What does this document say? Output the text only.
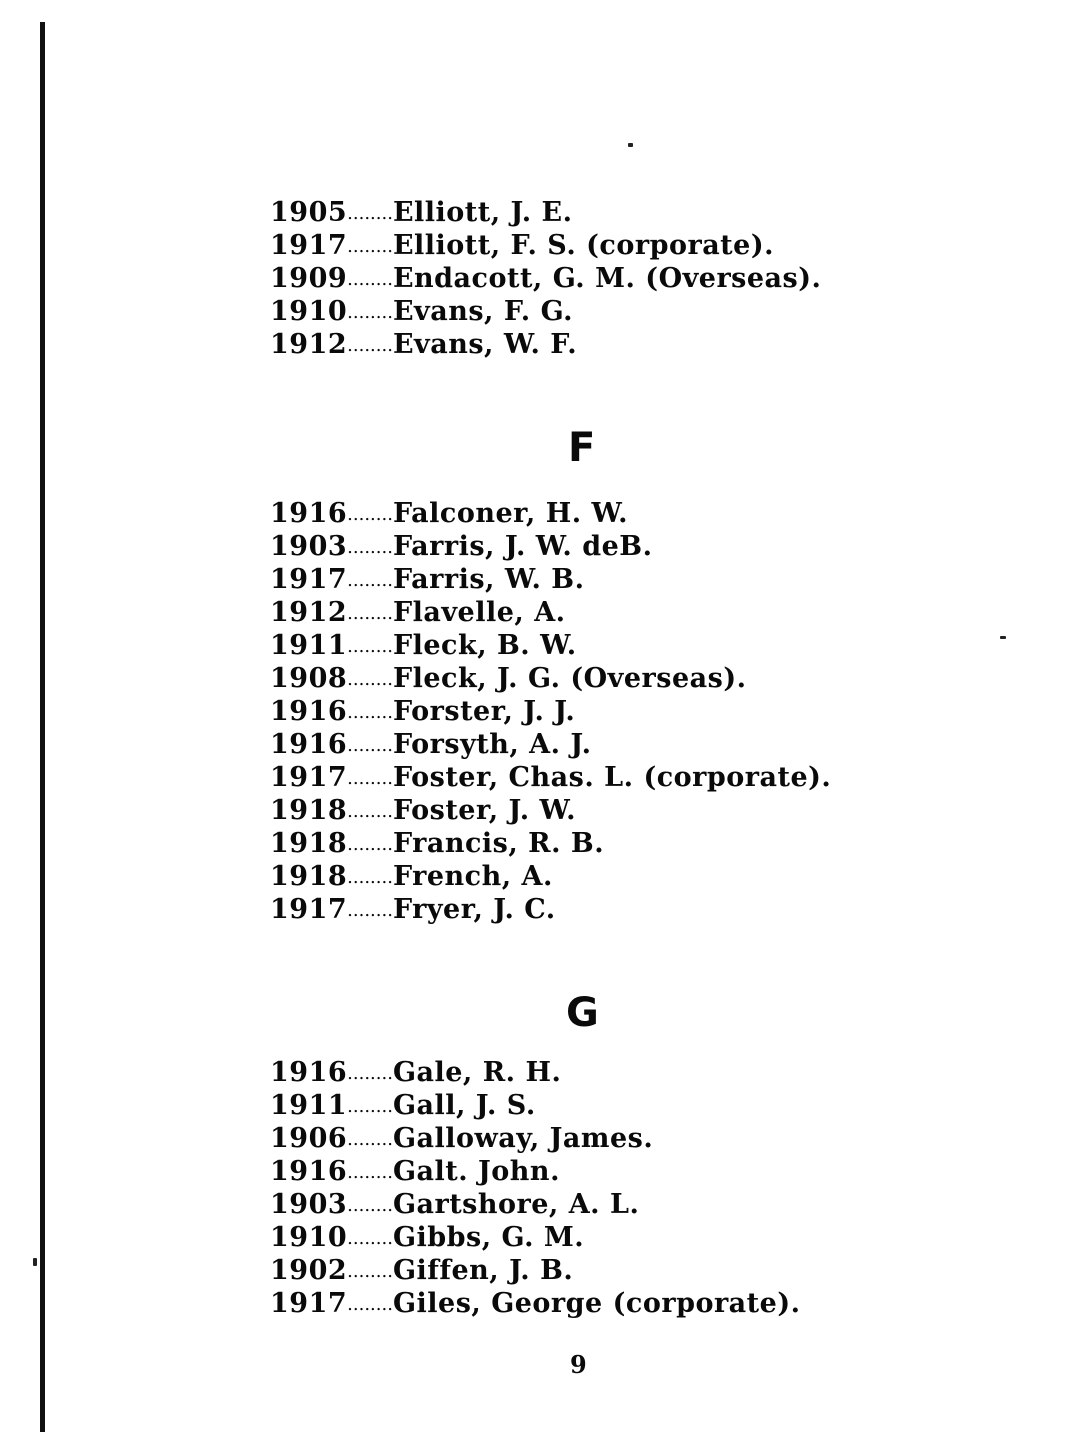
1905........Elliott, J. E.
1917........Elliott, F. S. (corporate).
1909........Endacott, G. M. (Overseas).
1910........Evans, F. G.
1912........Evans, W. F.
F
1916........Falconer, H. W.
1903........Farris, J. W. deB.
1917........Farris, W. B.
1912........Flavelle, A.
1911........Fleck, B. W.
1908........Fleck, J. G. (Overseas).
1916........Forster, J. J.
1916........Forsyth, A. J.
1917........Foster, Chas. L. (corporate).
1918........Foster, J. W.
1918........Francis, R. B.
1918........French, A.
1917........Fryer, J. C.
G
1916........Gale, R. H.
1911........Gall, J. S.
1906........Galloway, James.
1916........Galt. John.
1903........Gartshore, A. L.
1910........Gibbs, G. M.
1902........Giffen, J. B.
1917........Giles, George (corporate).
9
